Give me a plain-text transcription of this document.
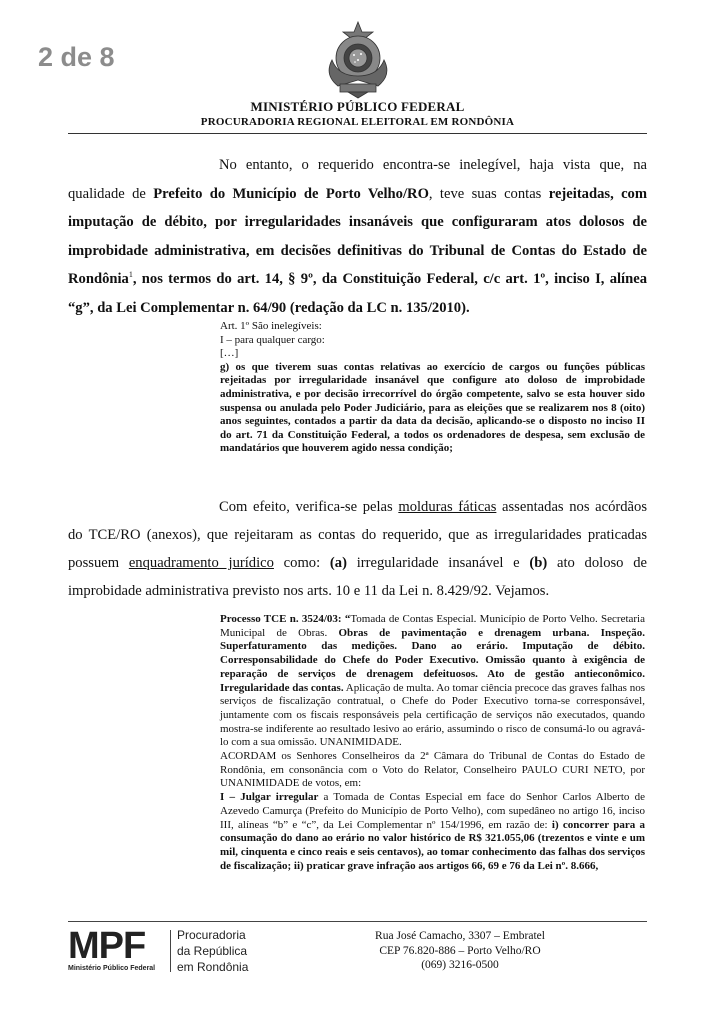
2 de 8
MINISTÉRIO PÚBLICO FEDERAL
PROCURADORIA REGIONAL ELEITORAL EM RONDÔNIA

No entanto, o requerido encontra-se inelegível, haja vista que, na qualidade de Prefeito do Município de Porto Velho/RO, teve suas contas rejeitadas, com imputação de débito, por irregularidades insanáveis que configuraram atos dolosos de improbidade administrativa, em decisões definitivas do Tribunal de Contas do Estado de Rondônia$^1$, nos termos do art. 14, § 9º, da Constituição Federal, c/c art. 1º, inciso I, alínea “g”, da Lei Complementar n. 64/90 (redação da LC n. 135/2010).

Art. 1º São inelegíveis:
I – para qualquer cargo:
[…]
g) os que tiverem suas contas relativas ao exercício de cargos ou funções públicas rejeitadas por irregularidade insanável que configure ato doloso de improbidade administrativa, e por decisão irrecorrível do órgão competente, salvo se esta houver sido suspensa ou anulada pelo Poder Judiciário, para as eleições que se realizarem nos 8 (oito) anos seguintes, contados a partir da data da decisão, aplicando-se o disposto no inciso II do art. 71 da Constituição Federal, a todos os ordenadores de despesa, sem exclusão de mandatários que houverem agido nessa condição;

Com efeito, verifica-se pelas molduras fáticas assentadas nos acórdãos do TCE/RO (anexos), que rejeitaram as contas do requerido, que as irregularidades praticadas possuem enquadramento jurídico como: (a) irregularidade insanável e (b) ato doloso de improbidade administrativa previsto nos arts. 10 e 11 da Lei n. 8.429/92. Vejamos.

Processo TCE n. 3524/03: “Tomada de Contas Especial. Município de Porto Velho. Secretaria Municipal de Obras. Obras de pavimentação e drenagem urbana. Inspeção. Superfaturamento das medições. Dano ao erário. Imputação de débito. Corresponsabilidade do Chefe do Poder Executivo. Omissão quanto à exigência de reparação de serviços de drenagem defeituosos. Ato de gestão antieconômico. Irregularidade das contas. Aplicação de multa. Ao tomar ciência precoce das graves falhas nos serviços de fiscalização contratual, o Chefe do Poder Executivo torna-se corresponsável, juntamente com os fiscais responsáveis pela certificação de serviços não executados, quando mostra-se indiferente ao resultado lesivo ao erário, assumindo o risco de consumá-lo ou agravá-lo com a sua omissão. UNANIMIDADE.
ACORDAM os Senhores Conselheiros da 2ª Câmara do Tribunal de Contas do Estado de Rondônia, em consonância com o Voto do Relator, Conselheiro PAULO CURI NETO, por UNANIMIDADE de votos, em:
I – Julgar irregular a Tomada de Contas Especial em face do Senhor Carlos Alberto de Azevedo Camurça (Prefeito do Município de Porto Velho), com supedâneo no artigo 16, inciso III, alíneas “b” e “c”, da Lei Complementar nº 154/1996, em razão de: i) concorrer para a consumação do dano ao erário no valor histórico de R$ 321.055,06 (trezentos e vinte e um mil, cinquenta e cinco reais e seis centavos), ao tomar conhecimento das falhas dos serviços de fiscalização; ii) praticar grave infração aos artigos 66, 69 e 76 da Lei nº. 8.666,
MPF
Ministério Público Federal
Procuradoria
da República
em Rondônia
Rua José Camacho, 3307 – Embratel
CEP 76.820-886 – Porto Velho/RO
(069) 3216-0500
